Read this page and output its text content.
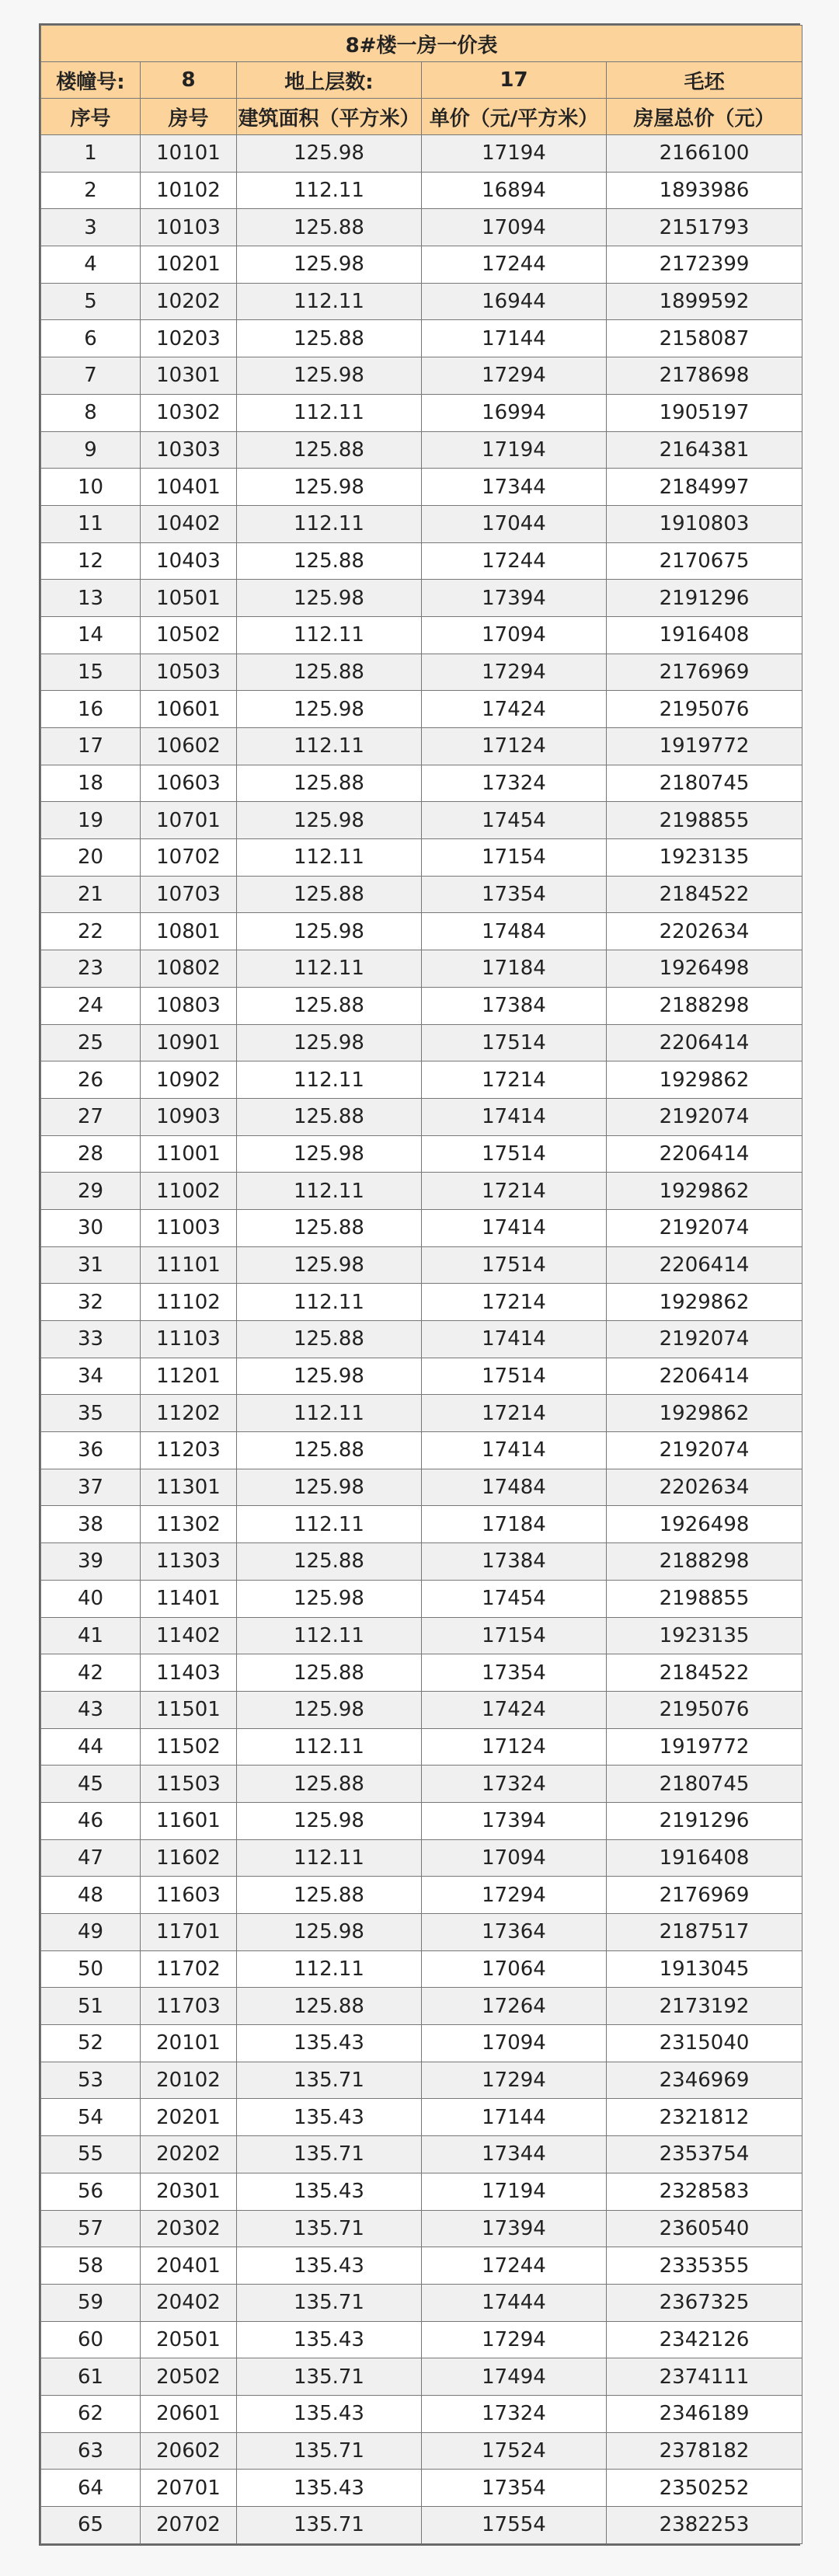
8#楼一房一价表				
楼幢号:	8	地上层数:	17	毛坯
序号	房号	建筑面积（平方米）	单价（元/平方米）	房屋总价（元）
1	10101	125.98	17194	2166100
2	10102	112.11	16894	1893986
3	10103	125.88	17094	2151793
4	10201	125.98	17244	2172399
5	10202	112.11	16944	1899592
6	10203	125.88	17144	2158087
7	10301	125.98	17294	2178698
8	10302	112.11	16994	1905197
9	10303	125.88	17194	2164381
10	10401	125.98	17344	2184997
11	10402	112.11	17044	1910803
12	10403	125.88	17244	2170675
13	10501	125.98	17394	2191296
14	10502	112.11	17094	1916408
15	10503	125.88	17294	2176969
16	10601	125.98	17424	2195076
17	10602	112.11	17124	1919772
18	10603	125.88	17324	2180745
19	10701	125.98	17454	2198855
20	10702	112.11	17154	1923135
21	10703	125.88	17354	2184522
22	10801	125.98	17484	2202634
23	10802	112.11	17184	1926498
24	10803	125.88	17384	2188298
25	10901	125.98	17514	2206414
26	10902	112.11	17214	1929862
27	10903	125.88	17414	2192074
28	11001	125.98	17514	2206414
29	11002	112.11	17214	1929862
30	11003	125.88	17414	2192074
31	11101	125.98	17514	2206414
32	11102	112.11	17214	1929862
33	11103	125.88	17414	2192074
34	11201	125.98	17514	2206414
35	11202	112.11	17214	1929862
36	11203	125.88	17414	2192074
37	11301	125.98	17484	2202634
38	11302	112.11	17184	1926498
39	11303	125.88	17384	2188298
40	11401	125.98	17454	2198855
41	11402	112.11	17154	1923135
42	11403	125.88	17354	2184522
43	11501	125.98	17424	2195076
44	11502	112.11	17124	1919772
45	11503	125.88	17324	2180745
46	11601	125.98	17394	2191296
47	11602	112.11	17094	1916408
48	11603	125.88	17294	2176969
49	11701	125.98	17364	2187517
50	11702	112.11	17064	1913045
51	11703	125.88	17264	2173192
52	20101	135.43	17094	2315040
53	20102	135.71	17294	2346969
54	20201	135.43	17144	2321812
55	20202	135.71	17344	2353754
56	20301	135.43	17194	2328583
57	20302	135.71	17394	2360540
58	20401	135.43	17244	2335355
59	20402	135.71	17444	2367325
60	20501	135.43	17294	2342126
61	20502	135.71	17494	2374111
62	20601	135.43	17324	2346189
63	20602	135.71	17524	2378182
64	20701	135.43	17354	2350252
65	20702	135.71	17554	2382253
